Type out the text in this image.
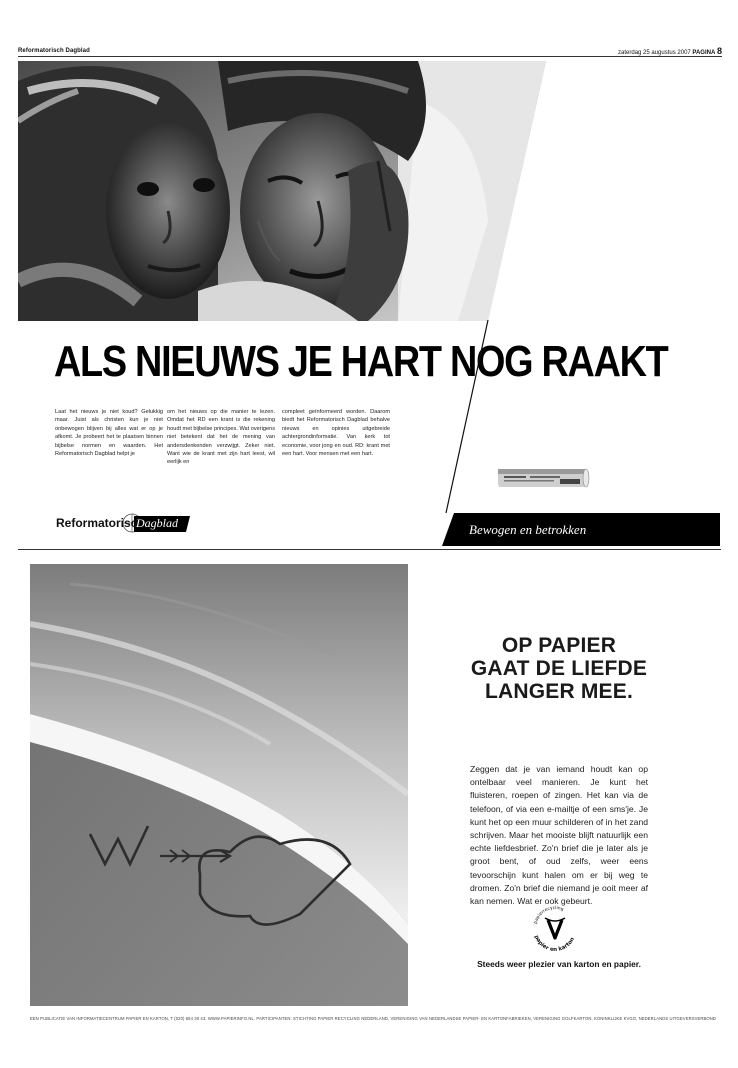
Reformatorisch Dagblad	zaterdag 25 augustus 2007 PAGINA 8
ALS NIEUWS JE HART NOG RAAKT
Laat het nieuws je niet koud? Gelukkig maar. Juist als christen kun je niet onbewogen blijven bij alles wat er op je afkomt. Je probeert het te plaatsen binnen bijbelse normen en waarden. Het Reformatorisch Dagblad helpt je
om het nieuws op die manier te lezen. Omdat het RD een krant is die rekening houdt met bijbelse principes. Wat overigens niet betekent dat het de mening van andersdenkenden verzwijgt. Zeker niet. Want wie de krant met zijn hart leest, wil eerlijk en
compleet geïnformeerd worden. Daarom biedt het Reformatorisch Dagblad behalve nieuws en opinies uitgebreide achtergrondinformatie. Van kerk tot economie, voor jong en oud. RD: krant met een hart. Voor mensen met een hart.
Reformatorisch
Dagblad	Bewogen en betrokken
OP PAPIER
GAAT DE LIEFDE
LANGER MEE.
Zeggen dat je van iemand houdt kan op ontelbaar veel manieren. Je kunt het fluisteren, roepen of zingen. Het kan via de telefoon, of via een e-mailtje of een sms'je. Je kunt het op een muur schilderen of in het zand schrijven. Maar het mooiste blijft natuurlijk een echte liefdesbrief. Zo'n brief die je later als je groot bent, of oud zelfs, weer eens tevoorschijn kunt halen om er bij weg te dromen. Zo'n brief die niemand je ooit meer af kan nemen. Wat er ook gebeurt.
papierrecycling
papier en karton
Steeds weer plezier van karton en papier.
EEN PUBLICATIE VAN INFORMATIECENTRUM PAPIER EN KARTON, T (020) 654 30 43. WWW.PAPIERINFO.NL. PARTICIPANTEN: STICHTING PAPIER RECYCLING NEDERLAND, VERENIGING VAN NEDERLANDSE PAPIER- EN KARTONFABRIEKEN, VERENIGING GOLFKARTON, KONINKLIJKE KVGO, NEDERLANDS UITGEVERSVERBOND
